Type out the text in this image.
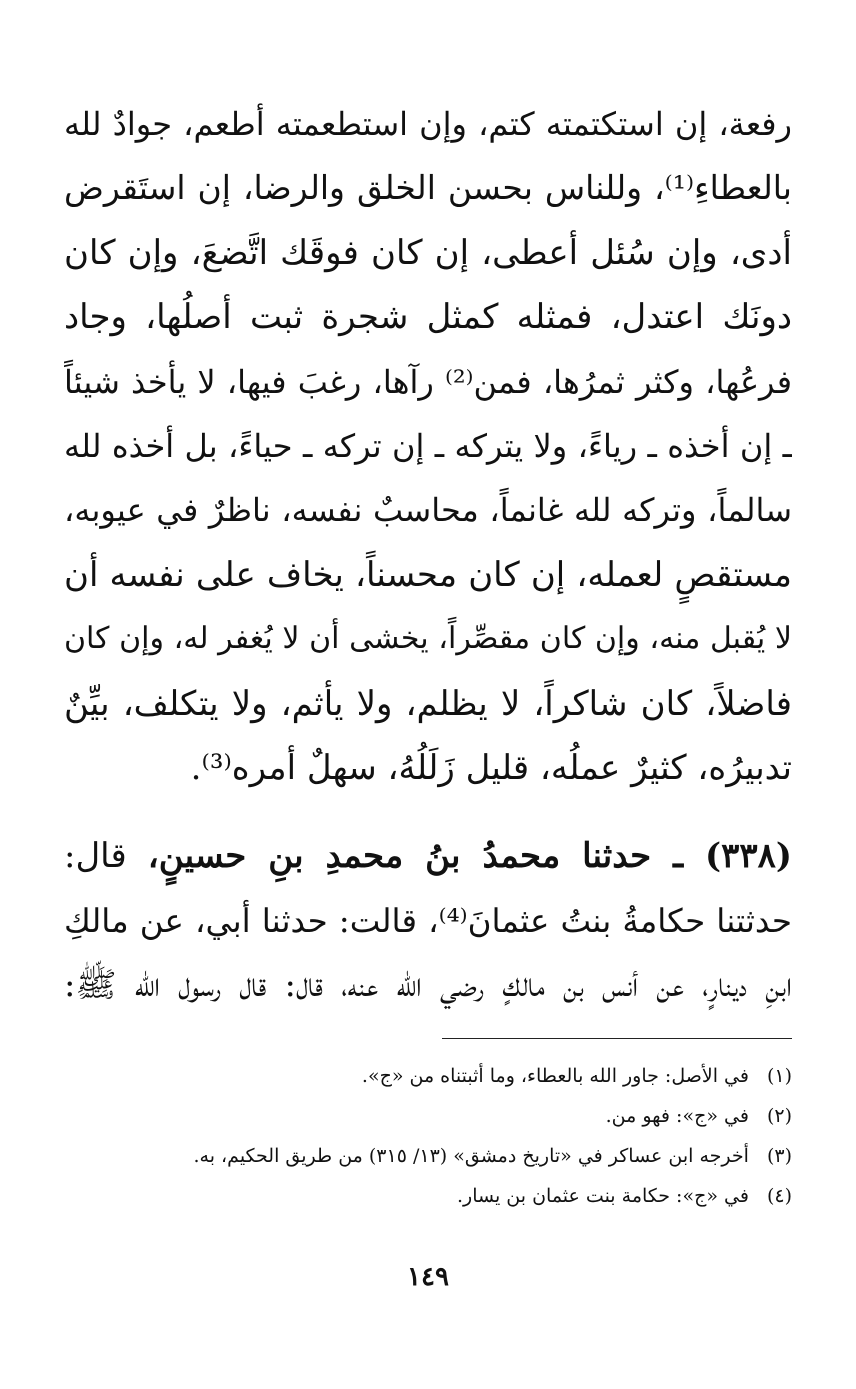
رفعة، إن استكتمته كتم، وإن استطعمته أطعم، جوادٌ لله
بالعطاءِ⁽¹⁾، وللناس بحسن الخلق والرضا، إن استَقرض
أدى، وإن سُئل أعطى، إن كان فوقَك اتَّضعَ، وإن كان
دونَك اعتدل، فمثله كمثل شجرة ثبت أصلُها، وجاد
فرعُها، وكثر ثمرُها، فمن⁽²⁾ رآها، رغبَ فيها، لا يأخذ شيئاً
ـ إن أخذه ـ رياءً، ولا يتركه ـ إن تركه ـ حياءً، بل أخذه لله
سالماً، وتركه لله غانماً، محاسبٌ نفسه، ناظرٌ في عيوبه،
مستقصٍ لعمله، إن كان محسناً، يخاف على نفسه أن
لا يُقبل منه، وإن كان مقصِّراً، يخشى أن لا يُغفر له، وإن كان
فاضلاً، كان شاكراً، لا يظلم، ولا يأثم، ولا يتكلف، بيِّنٌ
تدبيرُه، كثيرٌ عملُه، قليل زَلَلُهُ، سهلٌ أمره⁽³⁾.
(٣٣٨) ـ حدثنا محمدُ بنُ محمدِ بنِ حسينٍ، قال:
حدثتنا حكامةُ بنتُ عثمانَ⁽⁴⁾، قالت: حدثنا أبي، عن مالكِ
ابنِ دينارٍ، عن أنس بن مالكٍ رضي الله عنه، قال: قال رسول الله ﷺ:
(١)في الأصل: جاور الله بالعطاء، وما أثبتناه من «ج».
(٢)في «ج»: فهو من.
(٣)أخرجه ابن عساكر في «تاريخ دمشق» (١٣/ ٣١٥) من طريق الحكيم، به.
(٤)في «ج»: حكامة بنت عثمان بن يسار.
١٤٩
